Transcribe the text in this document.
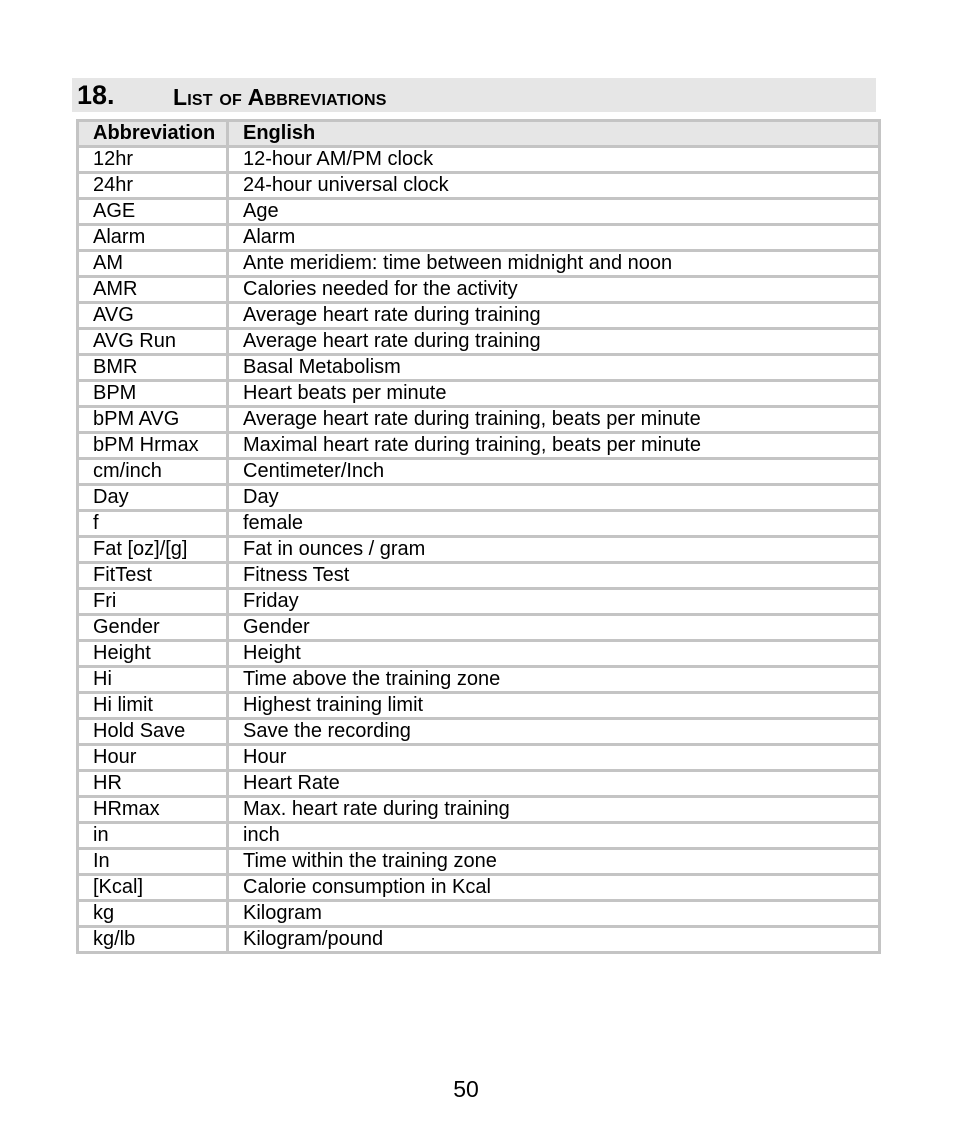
18.	List of Abbreviations
Abbreviation	English
12hr	12-hour AM/PM clock
24hr	24-hour universal clock
AGE	Age
Alarm	Alarm
AM	Ante meridiem: time between midnight and noon
AMR	Calories needed for the activity
AVG	Average heart rate during training
AVG Run	Average heart rate during training
BMR	Basal Metabolism
BPM	Heart beats per minute
bPM AVG	Average heart rate during training, beats per minute
bPM Hrmax	Maximal heart rate during training, beats per minute
cm/inch	Centimeter/Inch
Day	Day
f	female
Fat [oz]/[g]	Fat in ounces / gram
FitTest	Fitness Test
Fri	Friday
Gender	Gender
Height	Height
Hi	Time above the training zone
Hi limit	Highest training limit
Hold Save	Save the recording
Hour	Hour
HR	Heart Rate
HRmax	Max. heart rate during training
in	inch
In	Time within the training zone
[Kcal]	Calorie consumption in Kcal
kg	Kilogram
kg/lb	Kilogram/pound
50
